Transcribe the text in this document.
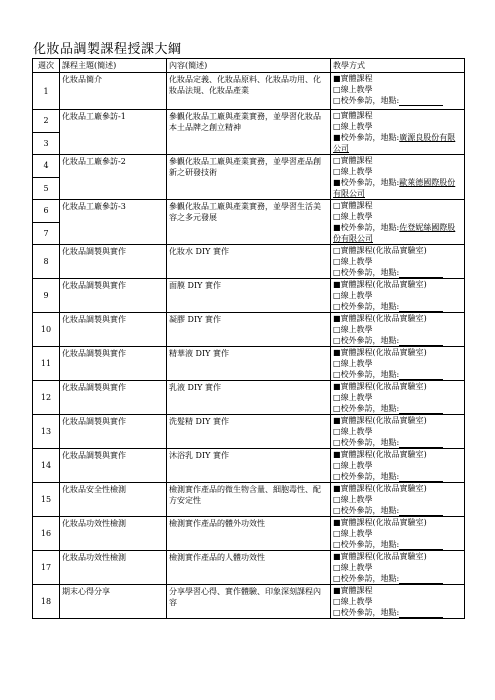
化妝品調製課程授課大綱
週次	課程主題(簡述)	內容(簡述)	教學方式
1	化妝品簡介	化妝品定義、化妝品原料、化妝品功用、化妝品法規、化妝品產業	■實體課程
□線上教學
□校外參訪，地點:

2	化妝品工廠參訪-1	參觀化妝品工廠與產業實務，並學習化妝品本土品牌之創立精神	□實體課程
□線上教學
■校外參訪，地點:廣源良股份有限公司

3			
4	化妝品工廠參訪-2	參觀化妝品工廠與產業實務，並學習產品創新之研發技術	□實體課程
□線上教學
■校外參訪，地點:歐萊德國際股份有限公司

5			
6	化妝品工廠參訪-3	參觀化妝品工廠與產業實務，並學習生活美容之多元發展	□實體課程
□線上教學
■校外參訪，地點:佐登妮絲國際股份有限公司

7			
8	化妝品調製與實作	化妝水 DIY 實作	□實體課程(化妝品實驗室)
□線上教學
□校外參訪，地點:

9	化妝品調製與實作	面膜 DIY 實作	■實體課程(化妝品實驗室)
□線上教學
□校外參訪，地點:

10	化妝品調製與實作	凝膠 DIY 實作	■實體課程(化妝品實驗室)
□線上教學
□校外參訪，地點:

11	化妝品調製與實作	精華液 DIY 實作	■實體課程(化妝品實驗室)
□線上教學
□校外參訪，地點:

12	化妝品調製與實作	乳液 DIY 實作	■實體課程(化妝品實驗室)
□線上教學
□校外參訪，地點:

13	化妝品調製與實作	洗髮精 DIY 實作	■實體課程(化妝品實驗室)
□線上教學
□校外參訪，地點:

14	化妝品調製與實作	沐浴乳 DIY 實作	■實體課程(化妝品實驗室)
□線上教學
□校外參訪，地點:

15	化妝品安全性檢測	檢測實作產品的微生物含量、細胞毒性、配方安定性	■實體課程(化妝品實驗室)
□線上教學
□校外參訪，地點:

16	化妝品功效性檢測	檢測實作產品的體外功效性	■實體課程(化妝品實驗室)
□線上教學
□校外參訪，地點:

17	化妝品功效性檢測	檢測實作產品的人體功效性	■實體課程(化妝品實驗室)
□線上教學
□校外參訪，地點:

18	期末心得分享	分享學習心得、實作體驗、印象深刻課程內容	■實體課程
□線上教學
□校外參訪，地點:
